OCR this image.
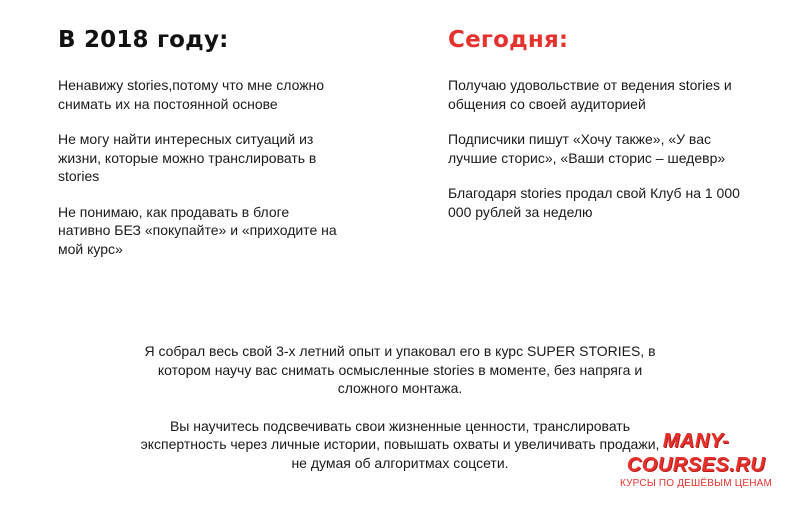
В 2018 году:

Ненавижу stories,потому что мне сложно
снимать их на постоянной основе

Не могу найти интересных ситуаций из
жизни, которые можно транслировать в
stories

Не понимаю, как продавать в блоге
нативно БЕЗ «покупайте» и «приходите на
мой курс»

Сегодня:

Получаю удовольствие от ведения stories и
общения со своей аудиторией

Подписчики пишут «Хочу также», «У вас
лучшие сторис», «Ваши сторис – шедевр»

Благодаря stories продал свой Клуб на 1 000
000 рублей за неделю

Я собрал весь свой 3-х летний опыт и упаковал его в курс SUPER STORIES, в
котором научу вас снимать осмысленные stories в моменте, без напряга и
сложного монтажа.

Вы научитесь подсвечивать свои жизненные ценности, транслировать
экспертность через личные истории, повышать охваты и увеличивать продажи,
не думая об алгоритмах соцсети.

MANY-COURSES.RU
КУРСЫ ПО ДЕШЁВЫМ ЦЕНАМ
